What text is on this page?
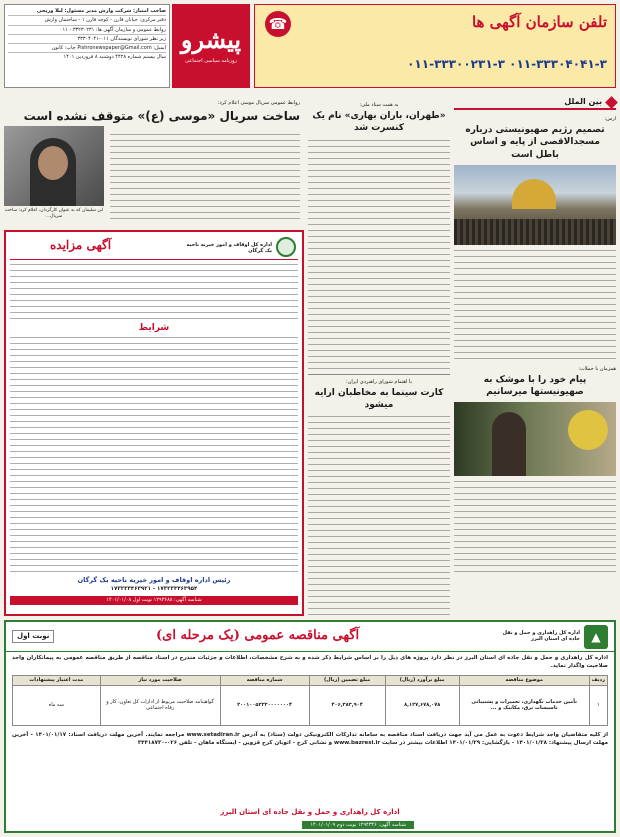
صاحب امتیاز: شرکت وارش مدیر مسئول: لیلا وریجی
دفتر مرکزی: خیابان قارن - کوچه قارن ۱ - ساختمان وارش
روابط عمومی و سازمان آگهی ها: ۳۳۲۳۰۲۳۱ - ۰۱۱
زیر نظر شورای نویسندگان ۰۱۱-۳۳۳۰۴۰۴۱
ایمیل: Pishronewspaper@Gmail.com چاپ: کانون
سال بیستم شماره ۴۴۲۸ دوشنبه ۸ فروردین ۱۴۰۱
پیشرو
روزنامه سیاسی اجتماعی
تلفن سازمان آگهی ها
☎
۰۱۱-۳۳۳۰۰۲۳۱-۳ ۰۱۱-۳۳۳۰۴۰۴۱-۳
بین الملل
ارس:
تصمیم رژیم صهیونیستی درباره مسجدالاقصی از پایه و اساس باطل است
همزمان با حملات:
پیام خود را با موشک به صهیونیستها میرسانیم
به همت ستاد ملی:
«طهران، باران بهاری» نام یک کنسرت شد
با اهتمام شورای راهبردی ایران:
کارت سینما به مخاطبان ارایه میشود
روابط عمومی سریال موسی اعلام کرد:
ساخت سریال «موسی (ع)» متوقف نشده است
ابن سلیمان که به عنوان کارگردان، اعلام کرد: ساخت سریال...
اداره کل اوقاف و امور خیریه ناحیه یک گرگان
آگهی مزایده
شرایط
رئیس اداره اوقاف و امور خیریه ناحیه یک گرگان
۱۷۳۲۳۳۴۶۳۹۲۱ - ۱۷۳۲۳۳۴۶۳۹۵۴
شناسه آگهی: ۱۲۹۳۶۸۸ نوبت اول ۱۴۰۱/۰۱/۰۸
▲
اداره کل راهداری و حمل و نقل جاده ای استان البرز
آگهی مناقصه عمومی (یک مرحله ای)
نوبت اول
اداره کل راهداری و حمل و نقل جاده ای استان البرز در نظر دارد پروژه های ذیل را بر اساس شرایط ذکر شده و به شرح مشخصات، اطلاعات و جزئیات مندرج در اسناد مناقصه از طریق مناقصه عمومی به پیمانکاران واجد صلاحیت واگذار نماید.
ردیف	موضوع مناقصه	مبلغ برآورد (ریال)	مبلغ تضمین (ریال)	شماره مناقصه	صلاحیت مورد نیاز	مدت اعتبار پیشنهادات
۱	تأمین خدمات نگهداری، تعمیرات و پشتیبانی تاسیسات برق، مکانیک و ...	۸,۱۲۷,۶۷۸,۰۷۸	۴۰۶,۳۸۳,۹۰۴	۲۰۰۱۰۰۵۲۲۲۰۰۰۰۰۰۰۴	گواهینامه صلاحیت مربوط از ادارات کل تعاون، کار و رفاه اجتماعی	سه ماه
از کلیه متقاضیان واجد شرایط دعوت به عمل می آید جهت دریافت اسناد مناقصه به سامانه تدارکات الکترونیکی دولت (ستاد) به آدرس www.setadiran.ir مراجعه نمایند. آخرین مهلت دریافت اسناد: ۱۴۰۱/۰۱/۱۷ - آخرین مهلت ارسال پیشنهاد: ۱۴۰۱/۰۱/۲۸ - بازگشایی: ۱۴۰۱/۰۱/۲۹ اطلاعات بیشتر در سایت www.bazresi.ir و نشانی کرج - اتوبان کرج قزوین - ایستگاه ماهان - تلفن ۰۲۶-۳۴۴۱۸۷۳۰
اداره کل راهداری و حمل و نقل جاده ای استان البرز
شناسه آگهی: ۱۲۹۴۳۴۶ نوبت دوم ۱۴۰۱/۰۱/۰۹
